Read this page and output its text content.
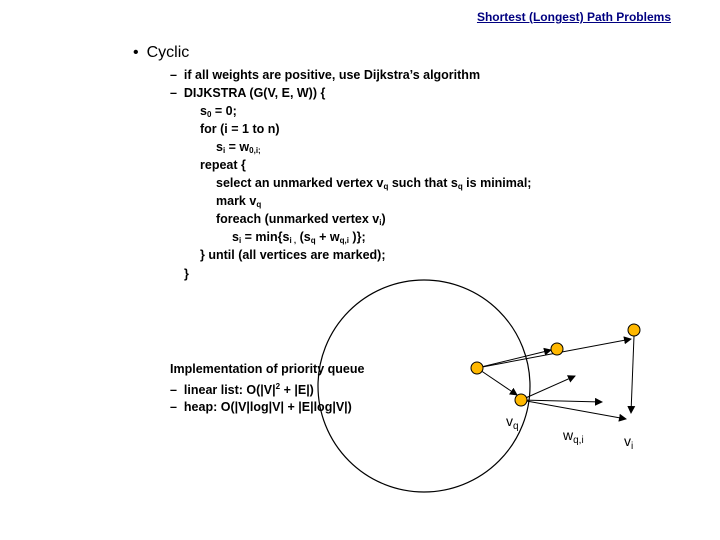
Shortest (Longest) Path Problems
• Cyclic
– if all weights are positive, use Dijkstra’s algorithm
– DIJKSTRA (G(V, E, W)) {
$s_0 = 0$;
for (i = 1 to n)
$s_i = w_{0,i;}$
repeat {
select an unmarked vertex $v_q$ such that $s_q$ is minimal;
mark $v_q$
foreach (unmarked vertex $v_i$)
$s_i = \min\{s_{i ,}$ ($s_q + w_{q,i}$ )};
} until (all vertices are marked);
}
Implementation of priority queue
– linear list: $O(|V|^2 + |E|)$
– heap: O(|V|log|V| + |E|log|V|)
$v_q$
$w_{q,i}$	$v_i$
